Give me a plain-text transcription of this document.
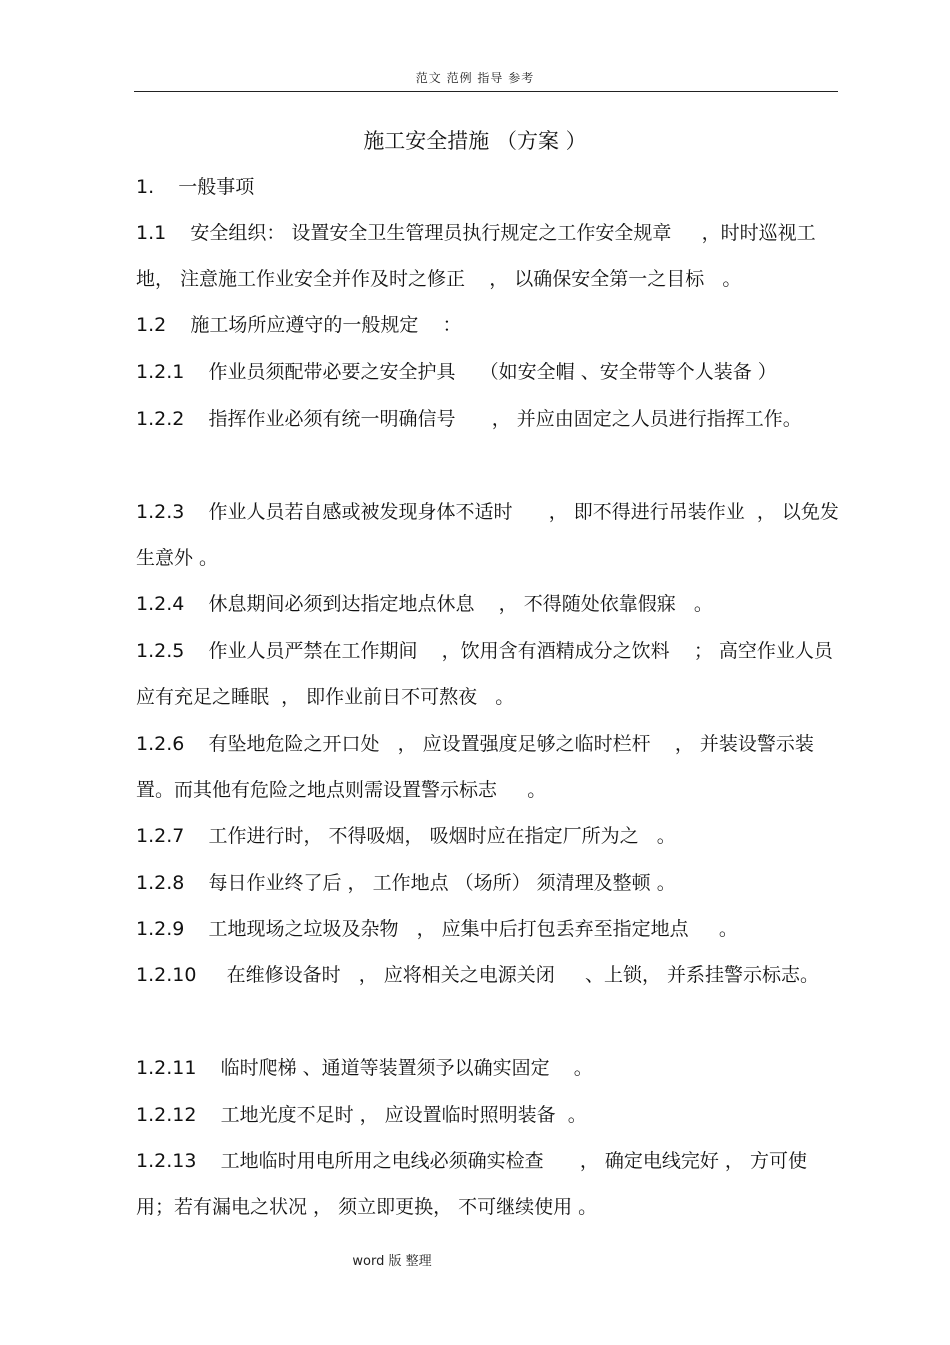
范文 范例 指导 参考
施工安全措施 （方案 ）
1.    一般事项
1.1    安全组织： 设置安全卫生管理员执行规定之工作安全规章     ，时时巡视工地， 注意施工作业安全并作及时之修正    ， 以确保安全第一之目标   。
1.2    施工场所应遵守的一般规定    ：
1.2.1    作业员须配带必要之安全护具    （如安全帽 、安全带等个人装备 ）
1.2.2    指挥作业必须有统一明确信号      ， 并应由固定之人员进行指挥工作。
1.2.3    作业人员若自感或被发现身体不适时      ， 即不得进行吊装作业  ， 以免发生意外 。
1.2.4    休息期间必须到达指定地点休息    ， 不得随处依靠假寐   。
1.2.5    作业人员严禁在工作期间    ，饮用含有酒精成分之饮料    ； 高空作业人员应有充足之睡眠  ， 即作业前日不可熬夜   。
1.2.6    有坠地危险之开口处   ， 应设置强度足够之临时栏杆    ， 并装设警示装置。而其他有危险之地点则需设置警示标志     。
1.2.7    工作进行时， 不得吸烟， 吸烟时应在指定厂所为之   。
1.2.8    每日作业终了后 ， 工作地点 （场所） 须清理及整顿 。
1.2.9    工地现场之垃圾及杂物   ， 应集中后打包丢弃至指定地点     。
1.2.10     在维修设备时   ， 应将相关之电源关闭     、上锁， 并系挂警示标志。
1.2.11    临时爬梯 、通道等装置须予以确实固定    。
1.2.12    工地光度不足时 ， 应设置临时照明装备  。
1.2.13    工地临时用电所用之电线必须确实检查      ， 确定电线完好 ， 方可使用；若有漏电之状况 ， 须立即更换， 不可继续使用 。
word 版 整理
